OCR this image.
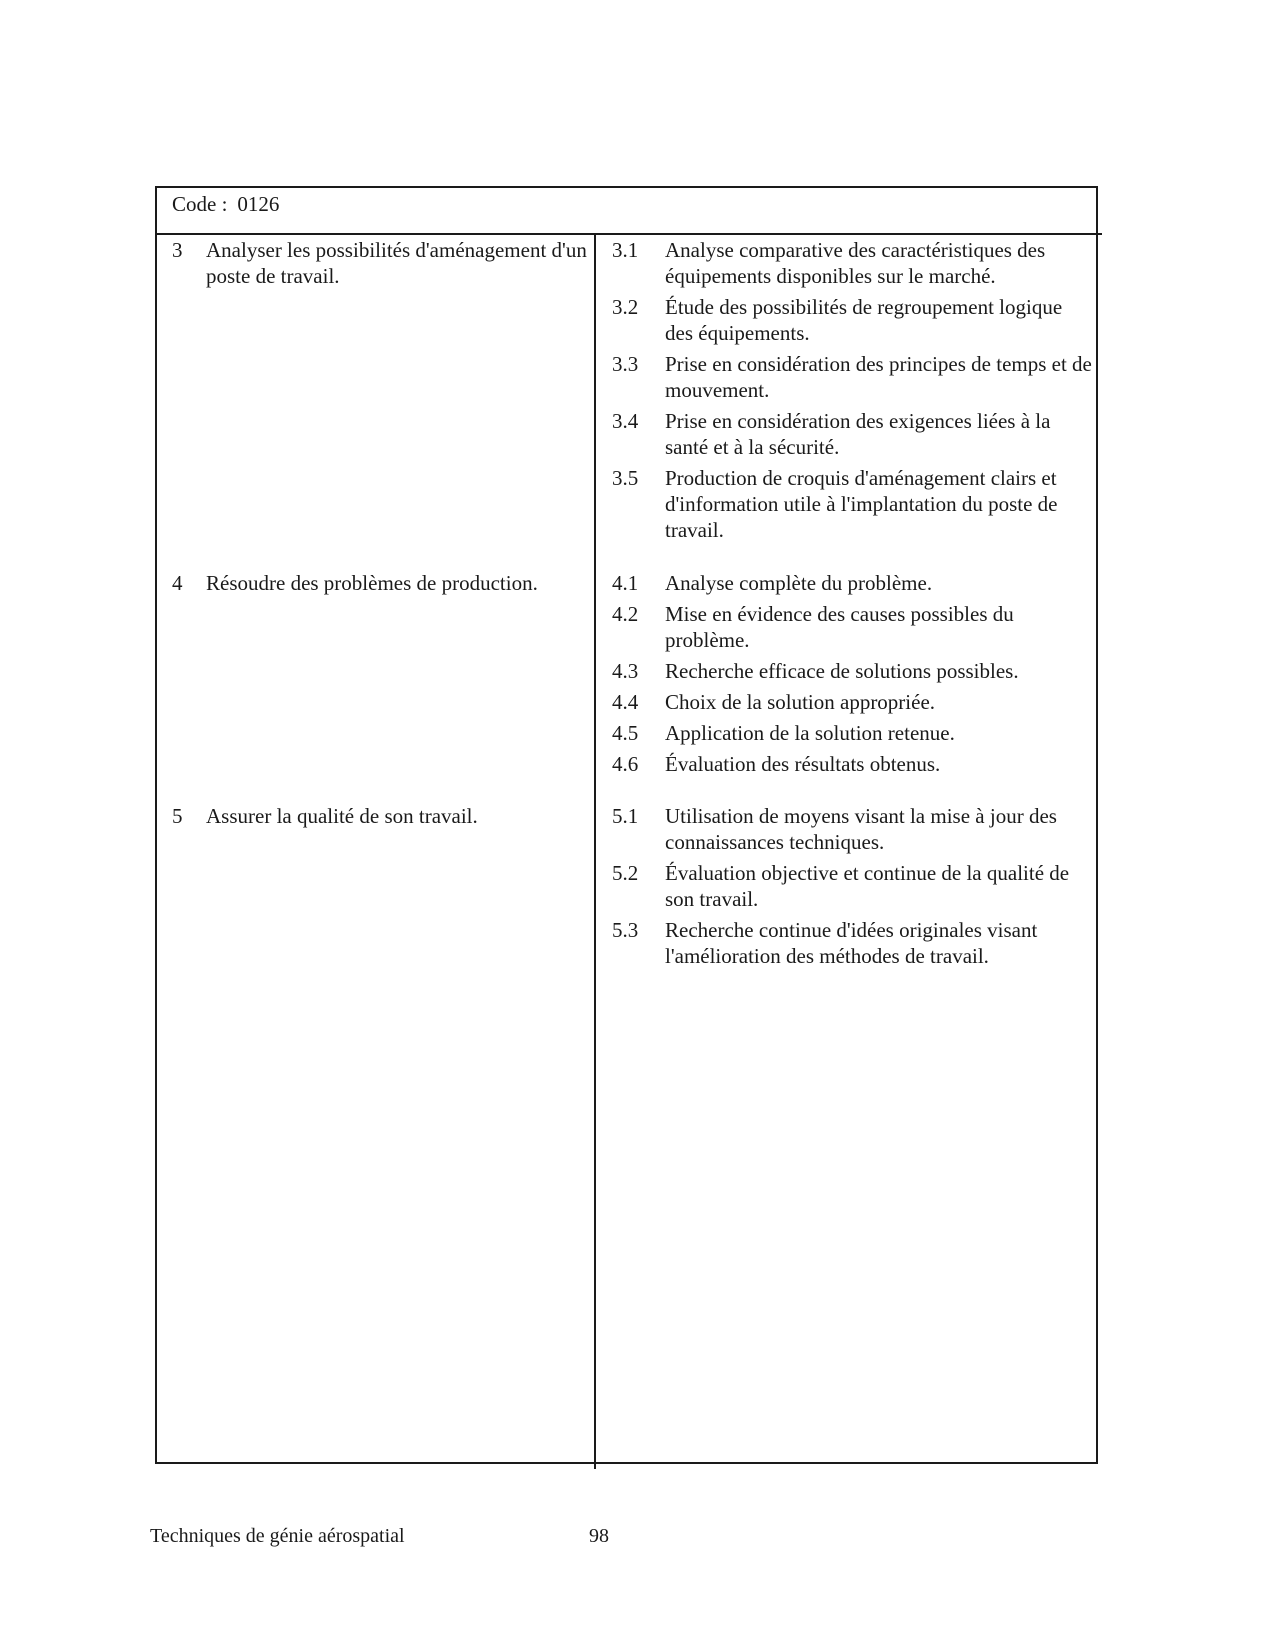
Code : 0126
3 Analyser les possibilités d'aménagement d'un poste de travail.
3.1 Analyse comparative des caractéristiques des équipements disponibles sur le marché.
3.2 Étude des possibilités de regroupement logique des équipements.
3.3 Prise en considération des principes de temps et de mouvement.
3.4 Prise en considération des exigences liées à la santé et à la sécurité.
3.5 Production de croquis d'aménagement clairs et d'information utile à l'implantation du poste de travail.
4 Résoudre des problèmes de production.	4.1 Analyse complète du problème.
4.2 Mise en évidence des causes possibles du problème.
4.3 Recherche efficace de solutions possibles.
4.4 Choix de la solution appropriée.
4.5 Application de la solution retenue.
4.6 Évaluation des résultats obtenus.
5 Assurer la qualité de son travail.	5.1 Utilisation de moyens visant la mise à jour des connaissances techniques.
5.2 Évaluation objective et continue de la qualité de son travail.
5.3 Recherche continue d'idées originales visant l'amélioration des méthodes de travail.
Techniques de génie aérospatial	98
